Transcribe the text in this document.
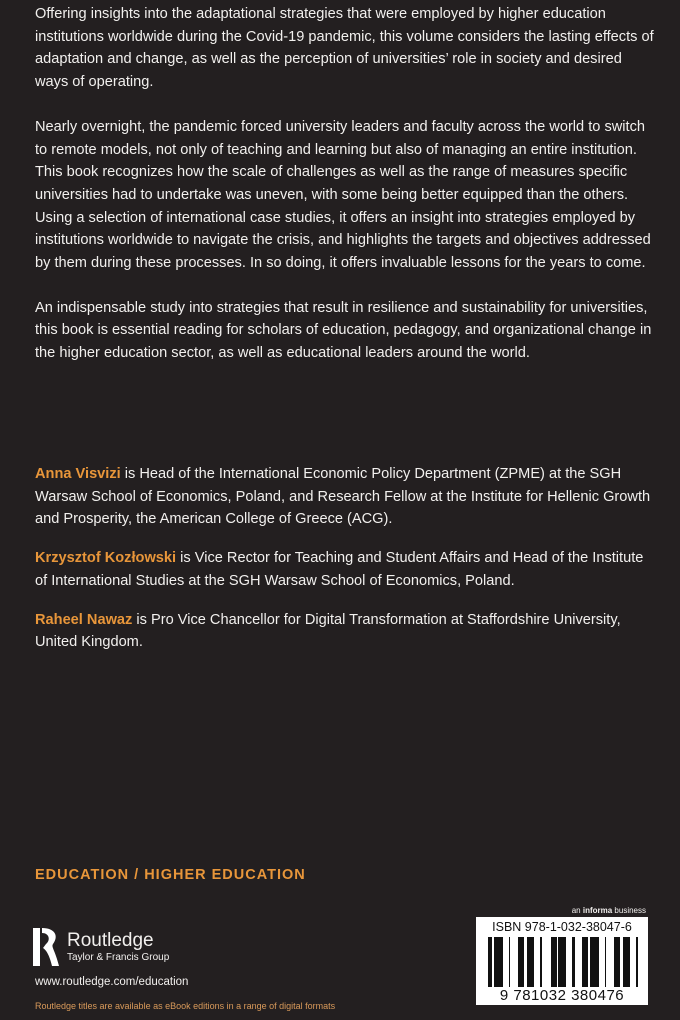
Offering insights into the adaptational strategies that were employed by higher education institutions worldwide during the Covid-19 pandemic, this volume considers the lasting effects of adaptation and change, as well as the perception of universities’ role in society and desired ways of operating.

Nearly overnight, the pandemic forced university leaders and faculty across the world to switch to remote models, not only of teaching and learning but also of managing an entire institution. This book recognizes how the scale of challenges as well as the range of measures specific universities had to undertake was uneven, with some being better equipped than the others. Using a selection of international case studies, it offers an insight into strategies employed by institutions worldwide to navigate the crisis, and highlights the targets and objectives addressed by them during these processes. In so doing, it offers invaluable lessons for the years to come.

An indispensable study into strategies that result in resilience and sustainability for universities, this book is essential reading for scholars of education, pedagogy, and organizational change in the higher education sector, as well as educational leaders around the world.

Anna Visvizi is Head of the International Economic Policy Department (ZPME) at the SGH Warsaw School of Economics, Poland, and Research Fellow at the Institute for Hellenic Growth and Prosperity, the American College of Greece (ACG).

Krzysztof Kozłowski is Vice Rector for Teaching and Student Affairs and Head of the Institute of International Studies at the SGH Warsaw School of Economics, Poland.

Raheel Nawaz is Pro Vice Chancellor for Digital Transformation at Staffordshire University, United Kingdom.

EDUCATION / HIGHER EDUCATION
Routledge
Taylor & Francis Group
www.routledge.com/education
Routledge titles are available as eBook editions in a range of digital formats
an informa business
ISBN 978-1-032-38047-6
9 781032 380476
